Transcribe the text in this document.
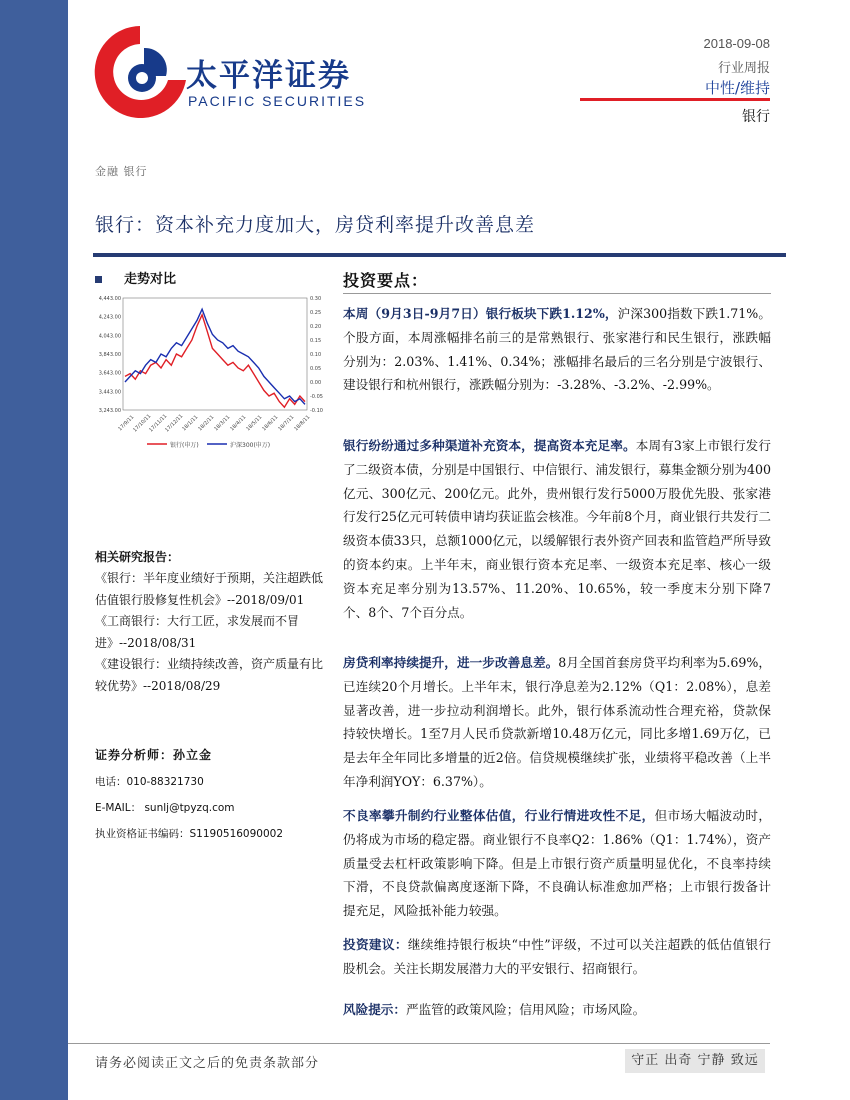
太平洋证券
PACIFIC SECURITIES
2018-09-08
行业周报
中性/维持
银行
金融 银行
银行：资本补充力度加大，房贷利率提升改善息差
走势对比
4,443.00
4,243.00
4,043.00
3,843.00
3,643.00
3,443.00
3,243.00
0.30
0.25
0.20
0.15
0.10
0.05
0.00
-0.05
-0.10
17/9/11
17/10/11
17/11/11
17/12/11
18/1/11
18/2/11
18/3/11
18/4/11
18/5/11
18/6/11
18/7/11
18/8/11
银行(申万)	沪深300(申万)
相关研究报告：

《银行：半年度业绩好于预期，关注超跌低估值银行股修复性机会》--2018/09/01

《工商银行：大行工匠，求发展而不冒进》--2018/08/31

《建设银行：业绩持续改善，资产质量有比较优势》--2018/08/29

证券分析师：孙立金
电话：010-88321730
E-MAIL： sunlj@tpyzq.com
执业资格证书编码：S1190516090002
投资要点：
本周（9月3日-9月7日）银行板块下跌1.12%，沪深300指数下跌1.71%。个股方面，本周涨幅排名前三的是常熟银行、张家港行和民生银行，涨跌幅分别为：2.03%、1.41%、0.34%；涨幅排名最后的三名分别是宁波银行、建设银行和杭州银行，涨跌幅分别为：-3.28%、-3.2%、-2.99%。
银行纷纷通过多种渠道补充资本，提高资本充足率。本周有3家上市银行发行了二级资本债，分别是中国银行、中信银行、浦发银行，募集金额分别为400亿元、300亿元、200亿元。此外，贵州银行发行5000万股优先股、张家港行发行25亿元可转债申请均获证监会核准。今年前8个月，商业银行共发行二级资本债33只，总额1000亿元，以缓解银行表外资产回表和监管趋严所导致的资本约束。上半年末，商业银行资本充足率、一级资本充足率、核心一级资本充足率分别为13.57%、11.20%、10.65%，较一季度末分别下降7个、8个、7个百分点。
房贷利率持续提升，进一步改善息差。8月全国首套房贷平均利率为5.69%，已连续20个月增长。上半年末，银行净息差为2.12%（Q1：2.08%），息差显著改善，进一步拉动利润增长。此外，银行体系流动性合理充裕，贷款保持较快增长。1至7月人民币贷款新增10.48万亿元，同比多增1.69万亿，已是去年全年同比多增量的近2倍。信贷规模继续扩张，业绩将平稳改善（上半年净利润YOY：6.37%）。
不良率攀升制约行业整体估值，行业行情进攻性不足，但市场大幅波动时，仍将成为市场的稳定器。商业银行不良率Q2：1.86%（Q1：1.74%），资产质量受去杠杆政策影响下降。但是上市银行资产质量明显优化，不良率持续下滑，不良贷款偏离度逐渐下降，不良确认标准愈加严格；上市银行拨备计提充足，风险抵补能力较强。
投资建议：继续维持银行板块“中性”评级，不过可以关注超跌的低估值银行股机会。关注长期发展潜力大的平安银行、招商银行。
风险提示：严监管的政策风险；信用风险；市场风险。
请务必阅读正文之后的免责条款部分	守正 出奇 宁静 致远
